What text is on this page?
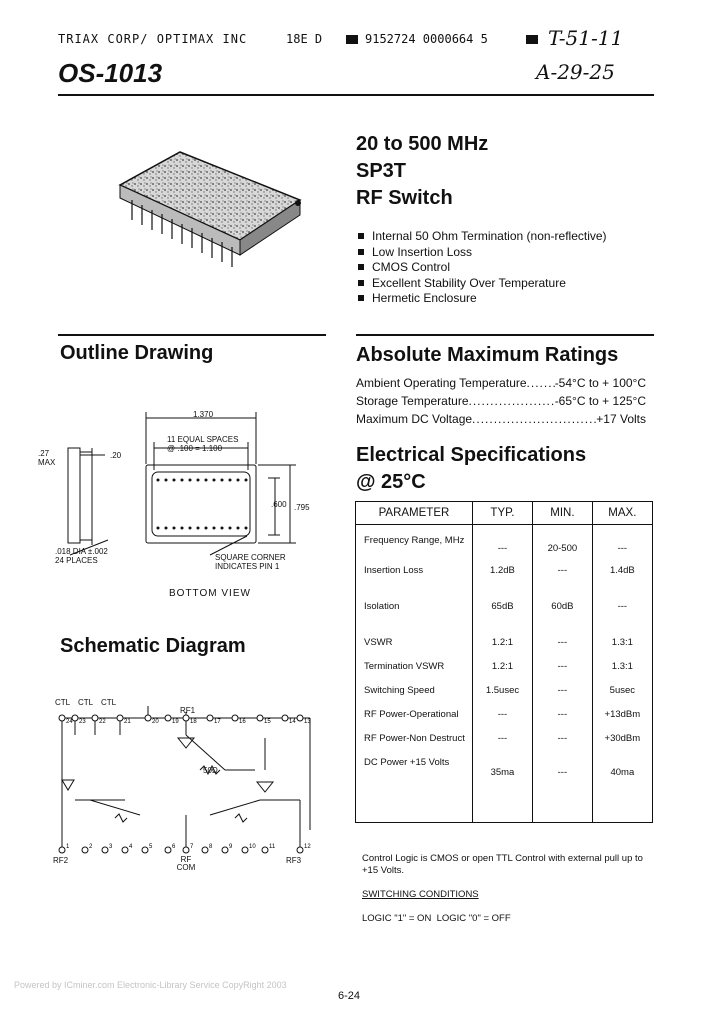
TRIAX CORP/ OPTIMAX INC	18E D	9152724 0000664 5	T-51-11
OS-1013	A-29-25
20 to 500 MHz
SP3T
RF Switch
Internal 50 Ohm Termination (non-reflective)
Low Insertion Loss
CMOS Control
Excellent Stability Over Temperature
Hermetic Enclosure
Outline Drawing
1.370
11 EQUAL SPACES
@ .100 = 1.100
.27
MAX
.20
.600 .795
.018 DIA ±.002
24 PLACES	SQUARE CORNER
INDICATES PIN 1
BOTTOM VIEW
Schematic Diagram
24 23 22	21	20 19 18	17	16	15	14 13
1	2	3	4	5	6 7	8	9	10 11	12
CTL CTL CTL
RF1
RF2	RF3
RF COM
50Ω
Absolute Maximum Ratings
Ambient Operating Temperature ..... -54°C to + 100°C
Storage Temperature .....	-65°C to + 125°C
Maximum DC Voltage .....	+17 Volts
Electrical Specifications
@ 25°C
PARAMETER	TYP.	MIN.	MAX.
Frequency Range, MHz	---	20-500	---
Insertion Loss	1.2dB	---	1.4dB
Isolation	65dB	60dB	---
VSWR	1.2:1	---	1.3:1
Termination VSWR	1.2:1	---	1.3:1
Switching Speed	1.5usec	---	5usec
RF Power-Operational	---	---	+13dBm
RF Power-Non Destruct	---	---	+30dBm
DC Power +15 Volts	35ma	---	40ma
Control Logic is CMOS or open TTL Control with external pull up to +15 Volts.
SWITCHING CONDITIONS
LOGIC "1" = ON  LOGIC "0" = OFF
Powered by ICminer.com Electronic-Library Service CopyRight 2003
6-24
